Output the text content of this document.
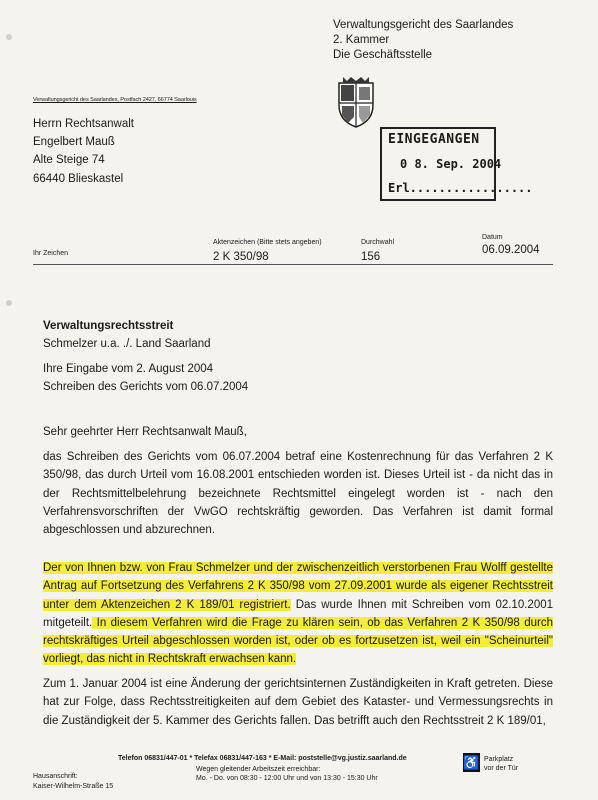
Verwaltungsgericht des Saarlandes
2. Kammer
Die Geschäftsstelle
Verwaltungsgericht des Saarlandes, Postfach 2427, 66774 Saarlouis
Herrn Rechtsanwalt
Engelbert Mauß
Alte Steige 74
66440 Blieskastel
EINGEGANGEN
0 8. Sep. 2004
Erl.................
Ihr Zeichen
Aktenzeichen (Bitte stets angeben)
2 K 350/98
Durchwahl
156
Datum
06.09.2004

Verwaltungsrechtsstreit

Schmelzer u.a. ./. Land Saarland

Ihre Eingabe vom 2. August 2004

Schreiben des Gerichts vom 06.07.2004

Sehr geehrter Herr Rechtsanwalt Mauß,
das Schreiben des Gerichts vom 06.07.2004 betraf eine Kostenrechnung für das Verfahren 2 K 350/98, das durch Urteil vom 16.08.2001 entschieden worden ist. Dieses Urteil ist - da nicht das in der Rechtsmittelbelehrung bezeichnete Rechtsmittel eingelegt worden ist - nach den Verfahrensvorschriften der VwGO rechtskräftig geworden. Das Verfahren ist damit formal abgeschlossen und abzurechnen.
Der von Ihnen bzw. von Frau Schmelzer und der zwischenzeitlich verstorbenen Frau Wolff gestellte Antrag auf Fortsetzung des Verfahrens 2 K 350/98 vom 27.09.2001 wurde als eigener Rechtsstreit unter dem Aktenzeichen 2 K 189/01 registriert. Das wurde Ihnen mit Schreiben vom 02.10.2001 mitgeteilt. In diesem Verfahren wird die Frage zu klären sein, ob das Verfahren 2 K 350/98 durch rechtskräftiges Urteil abgeschlossen worden ist, oder ob es fortzusetzen ist, weil ein "Scheinurteil" vorliegt, das nicht in Rechtskraft erwachsen kann.
Zum 1. Januar 2004 ist eine Änderung der gerichtsinternen Zuständigkeiten in Kraft getreten. Diese hat zur Folge, dass Rechtsstreitigkeiten auf dem Gebiet des Kataster- und Vermessungsrechts in die Zuständigkeit der 5. Kammer des Gerichts fallen. Das betrifft auch den Rechtsstreit 2 K 189/01,
Telefon 06831/447-01 * Telefax 06831/447-163 * E-Mail: poststelle@vg.justiz.saarland.de
Hausanschrift:
Kaiser-Wilhelm-Straße 15
Wegen gleitender Arbeitszeit erreichbar:
Mo. - Do. von 08:30 - 12:00 Uhr und von 13:30 - 15:30 Uhr
♿ Parkplatz
vor der Tür
